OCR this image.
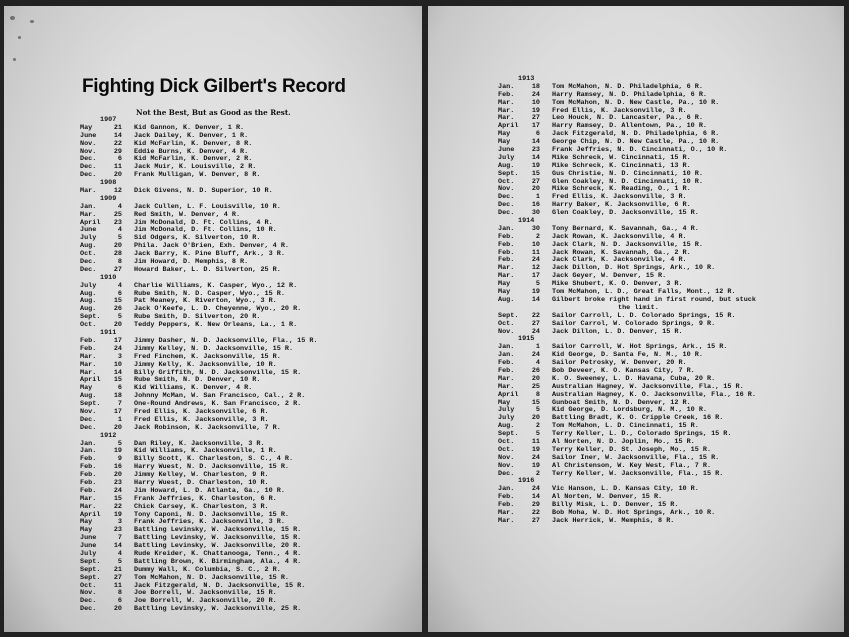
Fighting Dick Gilbert's Record
Not the Best, But as Good as the Rest.
1907
May	21 Kid Gannon, K. Denver, 1 R.
June	14 Jack Dailey, K. Denver, 1 R.
Nov.	22 Kid McFarlin, K. Denver, 8 R.
Nov.	29 Eddie Burns, K. Denver, 4 R.
Dec.	6 Kid McFarlin, K. Denver, 2 R.
Dec.	11 Jack Muir, K. Louisville, 2 R.
Dec.	20 Frank Mulligan, W. Denver, 8 R.
1908
Mar.	12 Dick Givens, N. D. Superior, 10 R.
1909
Jan.	4 Jack Cullen, L. F. Louisville, 10 R.
Mar.	25 Red Smith, W. Denver, 4 R.
April	23 Jim McDonald, D. Ft. Collins, 4 R.
June	4 Jim McDonald, D. Ft. Collins, 10 R.
July	5 Sid Odgers, K. Silverton, 10 R.
Aug.	20 Phila. Jack O'Brien, Exh. Denver, 4 R.
Oct.	28 Jack Barry, K. Pine Bluff, Ark., 3 R.
Dec.	8 Jim Howard, D. Memphis, 8 R.
Dec.	27 Howard Baker, L. D. Silverton, 25 R.
1910
July	4 Charlie Williams, K. Casper, Wyo., 12 R.
Aug.	6 Rube Smith, N. D. Casper, Wyo., 15 R.
Aug.	15 Pat Meaney, K. Riverton, Wyo., 3 R.
Aug.	26 Jack O'Keefe, L. D. Cheyenne, Wyo., 20 R.
Sept.	5 Rube Smith, D. Silverton, 20 R.
Oct.	20 Teddy Peppers, K. New Orleans, La., 1 R.
1911
Feb.	17 Jimmy Dasher, N. D. Jacksonville, Fla., 15 R.
Feb.	24 Jimmy Kelley, N. D. Jacksonville, 15 R.
Mar.	3 Fred Finchem, K. Jacksonville, 15 R.
Mar.	10 Jimmy Kelly, K. Jacksonville, 10 R.
Mar.	14 Billy Griffith, N. D. Jacksonville, 15 R.
April	15 Rube Smith, N. D. Denver, 10 R.
May	6 Kid Williams, K. Denver, 4 R.
Aug.	18 Johnny McMan, W. San Francisco, Cal., 2 R.
Sept.	7 One-Round Andrews, K. San Francisco, 2 R.
Nov.	17 Fred Ellis, K. Jacksonville, 6 R.
Dec.	1 Fred Ellis, K. Jacksonville, 3 R.
Dec.	20 Jack Robinson, K. Jacksonville, 7 R.
1912
Jan.	5 Dan Riley, K. Jacksonville, 3 R.
Jan.	19 Kid Williams, K. Jacksonville, 1 R.
Feb.	9 Billy Scott, K. Charleston, S. C., 4 R.
Feb.	16 Harry Wuest, N. D. Jacksonville, 15 R.
Feb.	20 Jimmy Kelley, W. Charleston, 9 R.
Feb.	23 Harry Wuest, D. Charleston, 10 R.
Feb.	24 Jim Howard, L. D. Atlanta, Ga., 10 R.
Mar.	15 Frank Jeffries, K. Charleston, 6 R.
Mar.	22 Chick Carsey, K. Charleston, 3 R.
April	19 Tony Caponi, N. D. Jacksonville, 15 R.
May	3 Frank Jeffries, K. Jacksonville, 3 R.
May	23 Battling Levinsky, W. Jacksonville, 15 R.
June	7 Battling Levinsky, W. Jacksonville, 15 R.
June	14 Battling Levinsky, W. Jacksonville, 20 R.
July	4 Rude Kreider, K. Chattanooga, Tenn., 4 R.
Sept.	5 Battling Brown, K. Birmingham, Ala., 4 R.
Sept.	21 Dummy Wall, K. Columbia, S. C., 2 R.
Sept.	27 Tom McMahon, N. D. Jacksonville, 15 R.
Oct.	11 Jack Fitzgerald, N. D. Jacksonville, 15 R.
Nov.	8 Joe Borrell, W. Jacksonville, 15 R.
Dec.	6 Joe Borrell, W. Jacksonville, 20 R.
Dec.	20 Battling Levinsky, W. Jacksonville, 25 R.
1913
Jan.	18 Tom McMahon, N. D. Philadelphia, 6 R.
Feb.	24 Harry Ramsey, N. D. Philadelphia, 6 R.
Mar.	10 Tom McMahon, N. D. New Castle, Pa., 10 R.
Mar.	19 Fred Ellis, K. Jacksonville, 3 R.
Mar.	27 Leo Houck, N. D. Lancaster, Pa., 6 R.
April	17 Harry Ramsey, D. Allentown, Pa., 10 R.
May	6 Jack Fitzgerald, N. D. Philadelphia, 6 R.
May	14 George Chip, N. D. New Castle, Pa., 10 R.
June	23 Frank Jeffries, N. D. Cincinnati, O., 10 R.
July	14 Mike Schreck, W. Cincinnati, 15 R.
Aug.	19 Mike Schreck, K. Cincinnati, 13 R.
Sept.	15 Gus Christie, N. D. Cincinnati, 10 R.
Oct.	27 Glen Coakley, N. D. Cincinnati, 10 R.
Nov.	20 Mike Schreck, K. Reading, O., 1 R.
Dec.	1 Fred Ellis, K. Jacksonville, 3 R.
Dec.	16 Harry Baker, K. Jacksonville, 6 R.
Dec.	30 Glen Coakley, D. Jacksonville, 15 R.
1914
Jan.	30 Tony Bernard, K. Savannah, Ga., 4 R.
Feb.	2 Jack Rowan, K. Jacksonville, 4 R.
Feb.	10 Jack Clark, N. D. Jacksonville, 15 R.
Feb.	11 Jack Rowan, K. Savannah, Ga., 2 R.
Feb.	24 Jack Clark, K. Jacksonville, 4 R.
Mar.	12 Jack Dillon, D. Hot Springs, Ark., 10 R.
Mar.	17 Jack Geyer, W. Denver, 15 R.
May	5 Mike Shubert, K. O. Denver, 3 R.
May	19 Tom McMahon, L. D., Great Falls, Mont., 12 R.
Aug.	14 Gilbert broke right hand in first round, but stuck
the limit.
Sept.	22 Sailor Carroll, L. D. Colorado Springs, 15 R.
Oct.	27 Sailor Carrol, W. Colorado Springs, 9 R.
Nov.	24 Jack Dillon, L. D. Denver, 15 R.
1915
Jan.	1 Sailor Carroll, W. Hot Springs, Ark., 15 R.
Jan.	24 Kid George, D. Santa Fe, N. M., 10 R.
Feb.	4 Sailor Petrosky, W. Denver, 20 R.
Feb.	26 Bob Deveer, K. O. Kansas City, 7 R.
Mar.	20 K. O. Sweeney, L. D. Havana, Cuba, 20 R.
Mar.	25 Australian Hagney, W. Jacksonville, Fla., 15 R.
April	8 Australian Hagney, K. O. Jacksonville, Fla., 16 R.
May	15 Gunboat Smith, N. D. Denver, 12 R.
July	5 Kid George, D. Lordsburg, N. M., 10 R.
July	20 Battling Bradt, K. O. Cripple Creek, 16 R.
Aug.	2 Tom McMahon, L. D. Cincinnati, 15 R.
Sept.	5 Terry Keller, L. D., Colorado Springs, 15 R.
Oct.	11 Al Norten, N. D. Joplin, Mo., 15 R.
Oct.	19 Terry Keller, D. St. Joseph, Mo., 15 R.
Nov.	24 Sailor Iner, W. Jacksonville, Fla., 15 R.
Nov.	19 Al Christenson, W. Key West, Fla., 7 R.
Dec.	2 Terry Keller, W. Jacksonville, Fla., 15 R.
1916
Jan.	24 Vic Hanson, L. D. Kansas City, 10 R.
Feb.	14 Al Norten, W. Denver, 15 R.
Feb.	29 Billy Misk, L. D. Denver, 15 R.
Mar.	22 Bob Moha, W. D. Hot Springs, Ark., 10 R.
Mar.	27 Jack Herrick, W. Memphis, 8 R.
